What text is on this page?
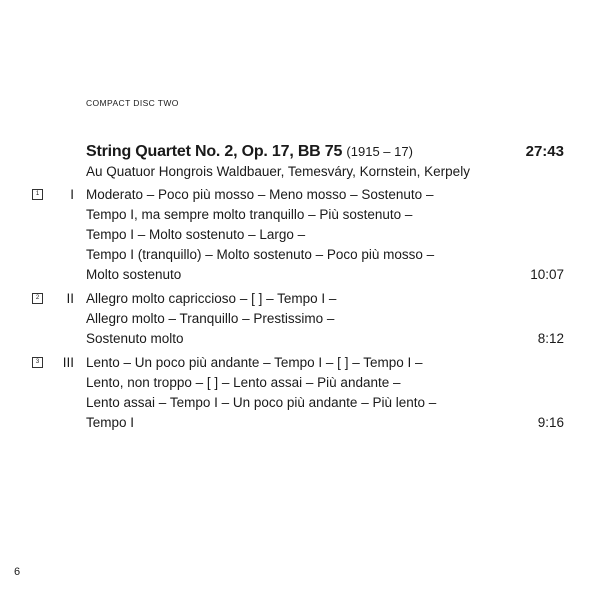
COMPACT DISC TWO
String Quartet No. 2, Op. 17, BB 75 (1915 – 17)	27:43
Au Quatuor Hongrois Waldbauer, Temesváry, Kornstein, Kerpely
1	I Moderato – Poco più mosso – Meno mosso – Sostenuto –
Tempo I, ma sempre molto tranquillo – Più sostenuto –
Tempo I – Molto sostenuto – Largo –
Tempo I (tranquillo) – Molto sostenuto – Poco più mosso –
Molto sostenuto	10:07
2	II Allegro molto capriccioso – [ ] – Tempo I –
Allegro molto – Tranquillo – Prestissimo –
Sostenuto molto	8:12
3	III Lento – Un poco più andante – Tempo I – [ ] – Tempo I –
Lento, non troppo – [ ] – Lento assai – Più andante –
Lento assai – Tempo I – Un poco più andante – Più lento –
Tempo I	9:16
6
